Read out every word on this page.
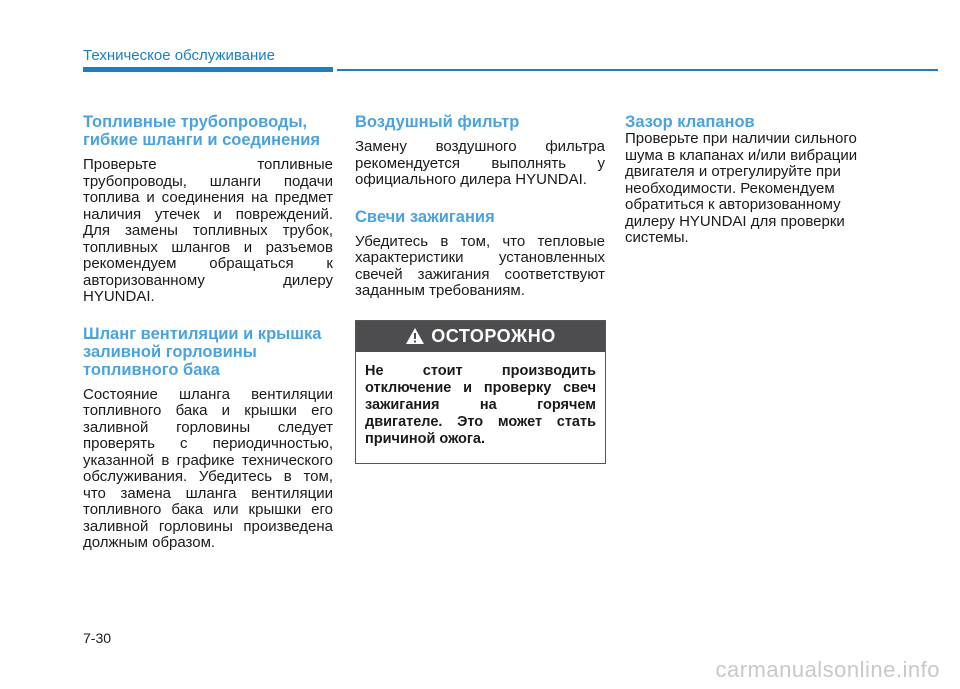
Техническое обслуживание
Топливные трубопроводы, гибкие шланги и соединения

Проверьте топливные трубопроводы, шланги подачи топлива и соединения на предмет наличия утечек и повреждений. Для замены топливных трубок, топливных шлангов и разъемов рекомендуем обращаться к авторизованному дилеру HYUNDAI.

Шланг вентиляции и крышка заливной горловины топливного бака

Состояние шланга вентиляции топливного бака и крышки его заливной горловины следует проверять с периодичностью, указанной в графике технического обслуживания. Убедитесь в том, что замена шланга вентиляции топливного бака или крышки его заливной горловины произведена должным образом.

Воздушный фильтр

Замену воздушного фильтра рекомендуется выполнять у официального дилера HYUNDAI.

Свечи зажигания

Убедитесь в том, что тепловые характеристики установленных свечей зажигания соответствуют заданным требованиям.

ОСТОРОЖНО
Не стоит производить отключение и проверку свеч зажигания на горячем двигателе. Это может стать причиной ожога.
Зазор клапанов

Проверьте при наличии сильного шума в клапанах и/или вибрации двигателя и отрегулируйте при необходимости. Рекомендуем обратиться к авторизованному дилеру HYUNDAI для проверки системы.

7-30
carmanualsonline.info
